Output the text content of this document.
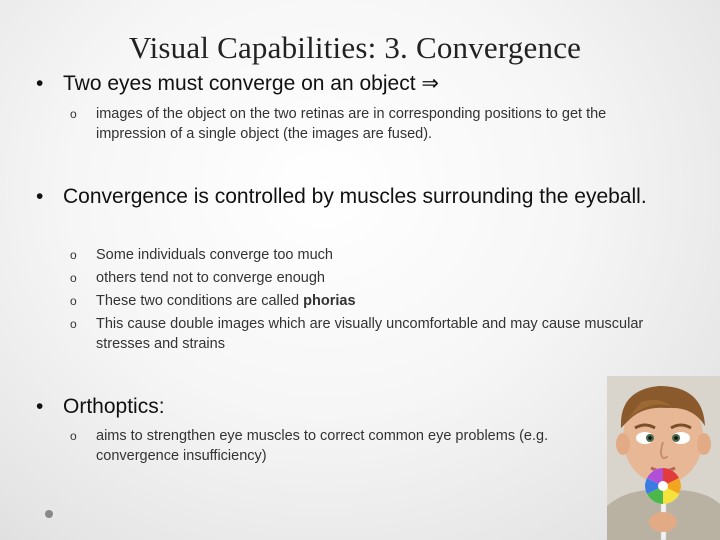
Visual Capabilities: 3. Convergence
• Two eyes must converge on an object ⇒
o	images of the object on the two retinas are in corresponding positions to get the impression of a single object (the images are fused).
• Convergence is controlled by muscles surrounding the eyeball.
o	Some individuals converge too much
o	others tend not to converge enough
o	These two conditions are called phorias
o	This cause double images which are visually uncomfortable and may cause muscular stresses and strains
• Orthoptics:
o	aims to strengthen eye muscles to correct common eye problems (e.g. convergence insufficiency)
